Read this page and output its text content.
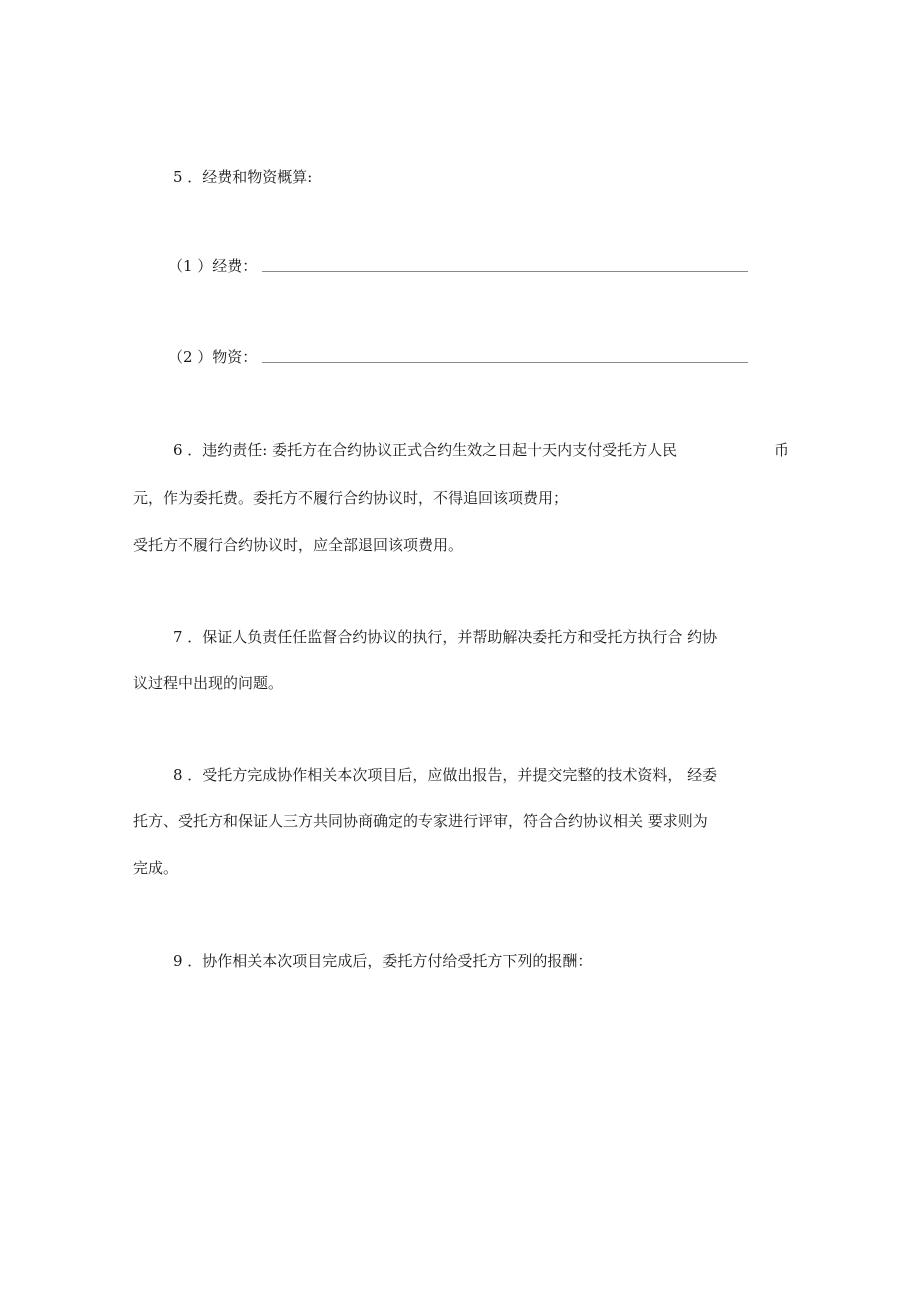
5 ．经费和物资概算:
（1 ）经费：
（2 ）物资：
6 ．违约责任: 委托方在合约协议正式合约生效之日起十天内支付受托方人民	币
元，作为委托费。委托方不履行合约协议时，不得追回该项费用；
受托方不履行合约协议时，应全部退回该项费用。
7 ．保证人负责任任监督合约协议的执行，并帮助解决委托方和受托方执行合 约协
议过程中出现的问题。
8 ．受托方完成协作相关本次项目后，应做出报告，并提交完整的技术资料， 经委
托方、受托方和保证人三方共同协商确定的专家进行评审，符合合约协议相关 要求则为
完成。
9 ．协作相关本次项目完成后，委托方付给受托方下列的报酬：
